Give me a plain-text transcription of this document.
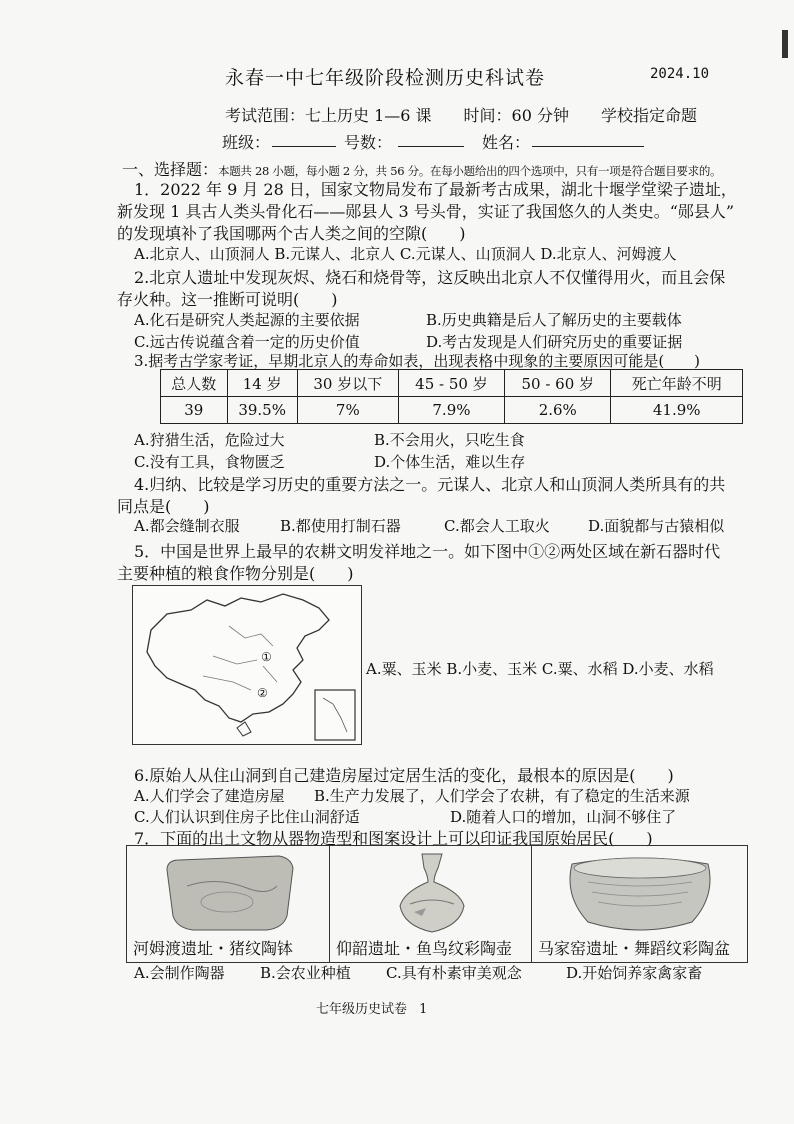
永春一中七年级阶段检测历史科试卷	2024.10
考试范围：七上历史 1—6 课　　时间：60 分钟　　学校指定命题
班级：	号数：	姓名：
一、选择题：本题共 28 小题，每小题 2 分，共 56 分。在每小题给出的四个选项中，只有一项是符合题目要求的。
1．2022 年 9 月 28 日，国家文物局发布了最新考古成果，湖北十堰学堂梁子遗址，
新发现 1 具古人类头骨化石——郧县人 3 号头骨，实证了我国悠久的人类史。“郧县人”
的发现填补了我国哪两个古人类之间的空隙(　　)
A.北京人、山顶洞人 B.元谋人、北京人 C.元谋人、山顶洞人 D.北京人、河姆渡人
2.北京人遗址中发现灰烬、烧石和烧骨等，这反映出北京人不仅懂得用火，而且会保
存火种。这一推断可说明(　　)
A.化石是研究人类起源的主要依据	B.历史典籍是后人了解历史的主要载体
C.远古传说蕴含着一定的历史价值	D.考古发现是人们研究历史的重要证据
3.据考古学家考证，早期北京人的寿命如表，出现表格中现象的主要原因可能是(　　)
总人数	14 岁	30 岁以下	45 - 50 岁	50 - 60 岁	死亡年龄不明
39	39.5%	7%	7.9%	2.6%	41.9%
A.狩猎生活，危险过大	B.不会用火，只吃生食
C.没有工具，食物匮乏	D.个体生活，难以生存
4.归纳、比较是学习历史的重要方法之一。元谋人、北京人和山顶洞人类所具有的共
同点是(　　)
A.都会缝制衣服	B.都使用打制石器	C.都会人工取火	D.面貌都与古猿相似
5．中国是世界上最早的农耕文明发祥地之一。如下图中①②两处区域在新石器时代
主要种植的粮食作物分别是(　　)
①
②
A.粟、玉米 B.小麦、玉米 C.粟、水稻 D.小麦、水稻
6.原始人从住山洞到自己建造房屋过定居生活的变化，最根本的原因是(　　)
A.人们学会了建造房屋 B.生产力发展了，人们学会了农耕，有了稳定的生活来源
C.人们认识到住房子比住山洞舒适	D.随着人口的增加，山洞不够住了
7．下面的出土文物从器物造型和图案设计上可以印证我国原始居民(　　)
河姆渡遗址・猪纹陶钵	仰韶遗址・鱼鸟纹彩陶壶 马家窑遗址・舞蹈纹彩陶盆
A.会制作陶器 B.会农业种植 C.具有朴素审美观念	D.开始饲养家禽家畜
七年级历史试卷 1
